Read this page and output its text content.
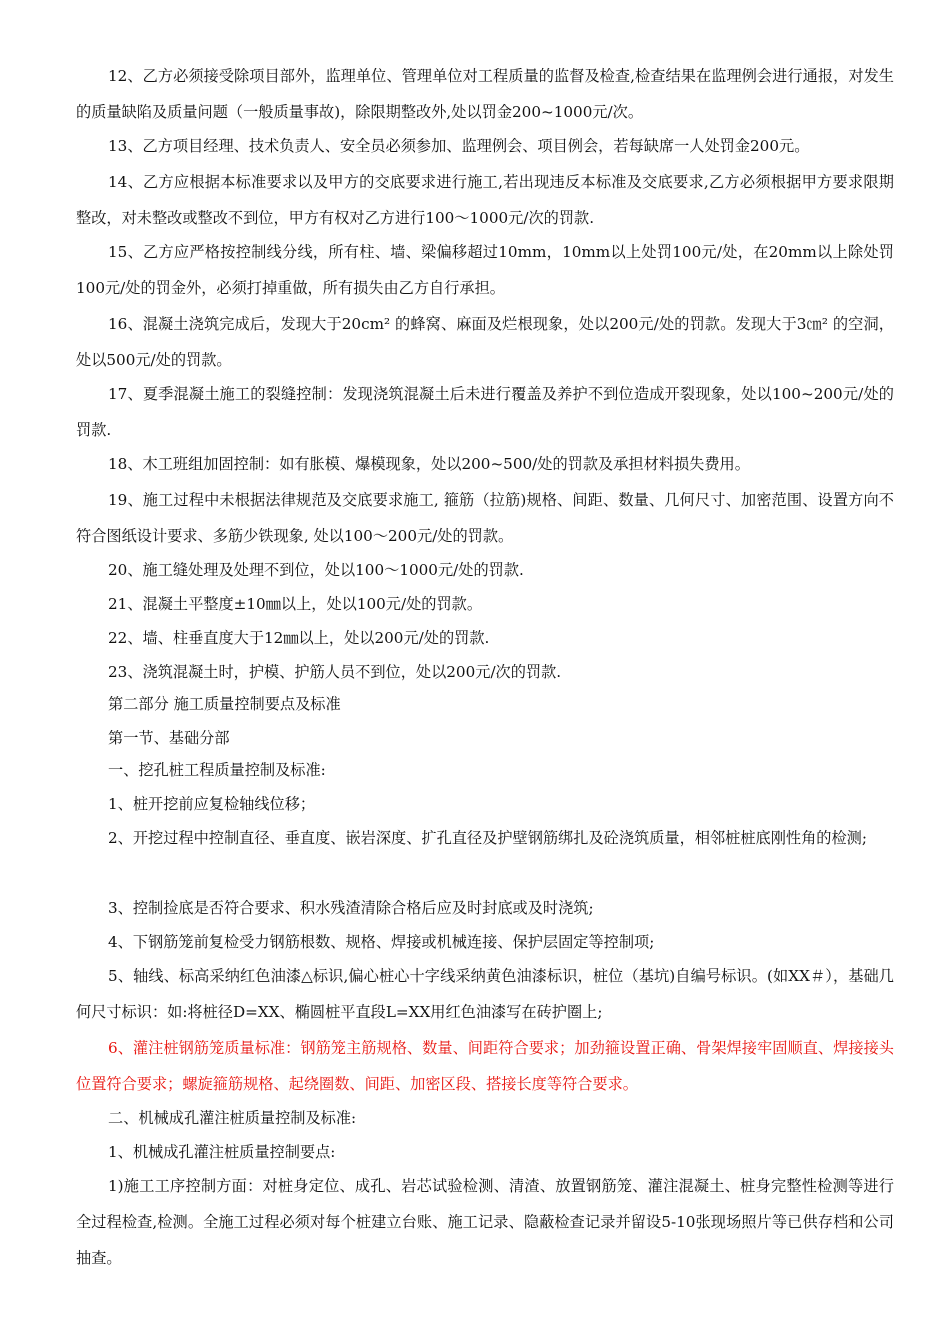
12、乙方必须接受除项目部外，监理单位、管理单位对工程质量的监督及检查,检查结果在监理例会进行通报，对发生的质量缺陷及质量问题（一般质量事故)，除限期整改外,处以罚金200~1000元/次。

13、乙方项目经理、技术负责人、安全员必须参加、监理例会、项目例会，若每缺席一人处罚金200元。

14、乙方应根据本标准要求以及甲方的交底要求进行施工,若出现违反本标准及交底要求,乙方必须根据甲方要求限期整改，对未整改或整改不到位，甲方有权对乙方进行100～1000元/次的罚款.

15、乙方应严格按控制线分线，所有柱、墙、梁偏移超过10mm，10mm以上处罚100元/处，在20mm以上除处罚100元/处的罚金外，必须打掉重做，所有损失由乙方自行承担。

16、混凝土浇筑完成后，发现大于20cm² 的蜂窝、麻面及烂根现象，处以200元/处的罚款。发现大于3㎝² 的空洞，处以500元/处的罚款。

17、夏季混凝土施工的裂缝控制：发现浇筑混凝土后未进行覆盖及养护不到位造成开裂现象，处以100~200元/处的罚款.

18、木工班组加固控制：如有胀模、爆模现象，处以200~500/处的罚款及承担材料损失费用。

19、施工过程中未根据法律规范及交底要求施工, 箍筋（拉筋)规格、间距、数量、几何尺寸、加密范围、设置方向不符合图纸设计要求、多筋少铁现象, 处以100～200元/处的罚款。

20、施工缝处理及处理不到位，处以100～1000元/处的罚款.

21、混凝土平整度±10㎜以上，处以100元/处的罚款。

22、墙、柱垂直度大于12㎜以上，处以200元/处的罚款.

23、浇筑混凝土时，护模、护筋人员不到位，处以200元/次的罚款.

第二部分 施工质量控制要点及标准

第一节、基础分部

一、挖孔桩工程质量控制及标准:

1、桩开挖前应复检轴线位移；

2、开挖过程中控制直径、垂直度、嵌岩深度、扩孔直径及护壁钢筋绑扎及砼浇筑质量，相邻桩桩底刚性角的检测;

3、控制捡底是否符合要求、积水残渣清除合格后应及时封底或及时浇筑;

4、下钢筋笼前复检受力钢筋根数、规格、焊接或机械连接、保护层固定等控制项;

5、轴线、标高采纳红色油漆△标识,偏心桩心十字线采纳黄色油漆标识，桩位（基坑)自编号标识。(如XX＃），基础几何尺寸标识：如:将桩径D=XX、椭圆桩平直段L=XX用红色油漆写在砖护圈上;

6、灌注桩钢筋笼质量标准：钢筋笼主筋规格、数量、间距符合要求；加劲箍设置正确、骨架焊接牢固顺直、焊接接头位置符合要求；螺旋箍筋规格、起绕圈数、间距、加密区段、搭接长度等符合要求。

二、机械成孔灌注桩质量控制及标准:

1、机械成孔灌注桩质量控制要点:

1)施工工序控制方面：对桩身定位、成孔、岩芯试验检测、清渣、放置钢筋笼、灌注混凝土、桩身完整性检测等进行全过程检查,检测。全施工过程必须对每个桩建立台账、施工记录、隐蔽检查记录并留设5-10张现场照片等已供存档和公司抽查。
